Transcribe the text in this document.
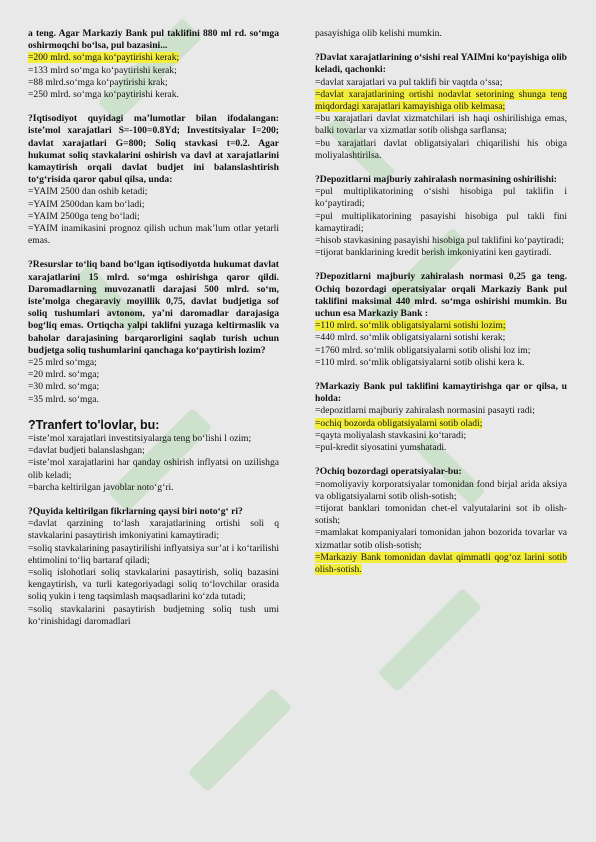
a teng. Agar Markaziy Bank pul taklifini 880 ml rd. so‘mga oshirmoqchi bo‘lsa, pul bazasini...
=200 mlrd. so‘mga ko‘paytirishi kerak;
=133 mlrd so‘mga ko‘paytirishi kerak;
=88 mlrd.so‘mga ko‘paytirishi krak;
=250 mlrd. so‘mga ko‘paytirishi kerak.
?Iqtisodiyot quyidagi ma’lumotlar bilan ifodalangan: iste’mol xarajatlari S=-100=0.8Yd; Investitsiyalar I=200; davlat xarajatlari G=800; Soliq stavkasi t=0.2. Agar hukumat soliq stavkalarini oshirish va davl at xarajatlarini kamaytirish orqali davlat budjet ini balanslashtirish to‘g‘risida qaror qabul qilsa, unda:
=YAIM 2500 dan oshib ketadi;
=YAIM 2500dan kam bo‘ladi;
=YAIM 2500ga teng bo‘ladi;
=YAIM inamikasini prognoz qilish uchun mak’lum otlar yetarli emas.
?Resurslar to‘liq band bo‘lgan iqtisodiyotda hukumat davlat xarajatlarini 15 mlrd. so‘mga oshirishga qaror qildi. Daromadlarning muvozanatli darajasi 500 mlrd. so‘m, iste’molga chegaraviy moyillik 0,75, davlat budjetiga sof soliq tushumlari avtonom, ya’ni daromadlar darajasiga bog‘liq emas. Ortiqcha yalpi taklifni yuzaga keltirmaslik va baholar darajasining barqarorligini saqlab turish uchun budjetga soliq tushumlarini qanchaga ko‘paytirish lozim?
=25 mlrd so‘mga;
=20 mlrd. so‘mga;
=30 mlrd. so‘mga;
=35 mlrd. so‘mga.
?Tranfert to'lovlar, bu:
=iste’mol xarajatlari investitsiyalarga teng bo‘lishi l ozim;
=davlat budjeti balanslashgan;
=iste’mol xarajatlarini har qanday oshirish inflyatsi on uzilishga olib keladi;
=barcha keltirilgan javoblar noto‘g‘ri.
?Quyida keltirilgan fikrlarning qaysi biri noto‘g‘ ri?
=davlat qarzining to‘lash xarajatlarining ortishi soli q stavkalarini pasaytirish imkoniyatini kamaytiradi;
=soliq stavkalarining pasaytirilishi inflyatsiya sur’at i ko‘tarilishi ehtimolini to‘liq bartaraf qiladi;
=soliq islohotlari soliq stavkalarini pasaytirish, soliq bazasini kengaytirish, va turli kategoriyadagi soliq to‘lovchilar orasida soliq yukin i teng taqsimlash maqsadlarini ko‘zda tutadi;
=soliq stavkalarini pasaytirish budjetning soliq tush umi ko‘rinishidagi daromadlari
pasayishiga olib kelishi mumkin.
?Davlat xarajatlarining o‘sishi real YAIMni ko‘payishiga olib keladi, qachonki:
=davlat xarajatlari va pul taklifi bir vaqtda o‘ssa;
=davlat xarajatlarining ortishi nodavlat setorining shunga teng miqdordagi xarajatlari kamayishiga olib kelmasa;
=bu xarajatlari davlat xizmatchilari ish haqi oshirilishiga emas, balki tovarlar va xizmatlar sotib olishga sarflansa;
=bu xarajatlari davlat obligatsiyalari chiqarilishi his obiga moliyalashtirilsa.
?Depozitlarni majburiy zahiralash normasining oshirilishi:
=pul multiplikatorining o‘sishi hisobiga pul taklifin i ko‘paytiradi;
=pul multiplikatorining pasayishi hisobiga pul takli fini kamaytiradi;
=hisob stavkasining pasayishi hisobiga pul taklifini ko‘paytiradi;
=tijorat banklarining kredit berish imkoniyatini ken gaytiradi.
?Depozitlarni majburiy zahiralash normasi 0,25 ga teng. Ochiq bozordagi operatsiyalar orqali Markaziy Bank pul taklifini maksimal 440 mlrd. so‘mga oshirishi mumkin. Bu uchun esa Markaziy Bank :
=110 mlrd. so‘mlik obligatsiyalarni sotishi lozim;
=440 mlrd. so‘mlik obligatsiyalarni sotishi kerak;
=1760 mlrd. so‘mlik obligatsiyalarni sotib olishi loz im;
=110 mlrd. so‘mlik obligatsiyalarni sotib olishi kera k.
?Markaziy Bank pul taklifini kamaytirishga qar or qilsa, u holda:
=depozitlarni majburiy zahiralash normasini pasayti radi;
=ochiq bozorda obligatsiyalarni sotib oladi;
=qayta moliyalash stavkasini ko‘taradi;
=pul-kredit siyosatini yumshatadi.
?Ochiq bozordagi operatsiyalar-bu:
=nomoliyaviy korporatsiyalar tomonidan fond birjal arida aksiya va obligatsiyalarni sotib olish-sotish;
=tijorat banklari tomonidan chet-el valyutalarini sot ib olish-sotish;
=mamlakat kompaniyalari tomonidan jahon bozorida tovarlar va xizmatlar sotib olish-sotish;
=Markaziy Bank tomonidan davlat qimmatli qog‘oz larini sotib olish-sotish.
